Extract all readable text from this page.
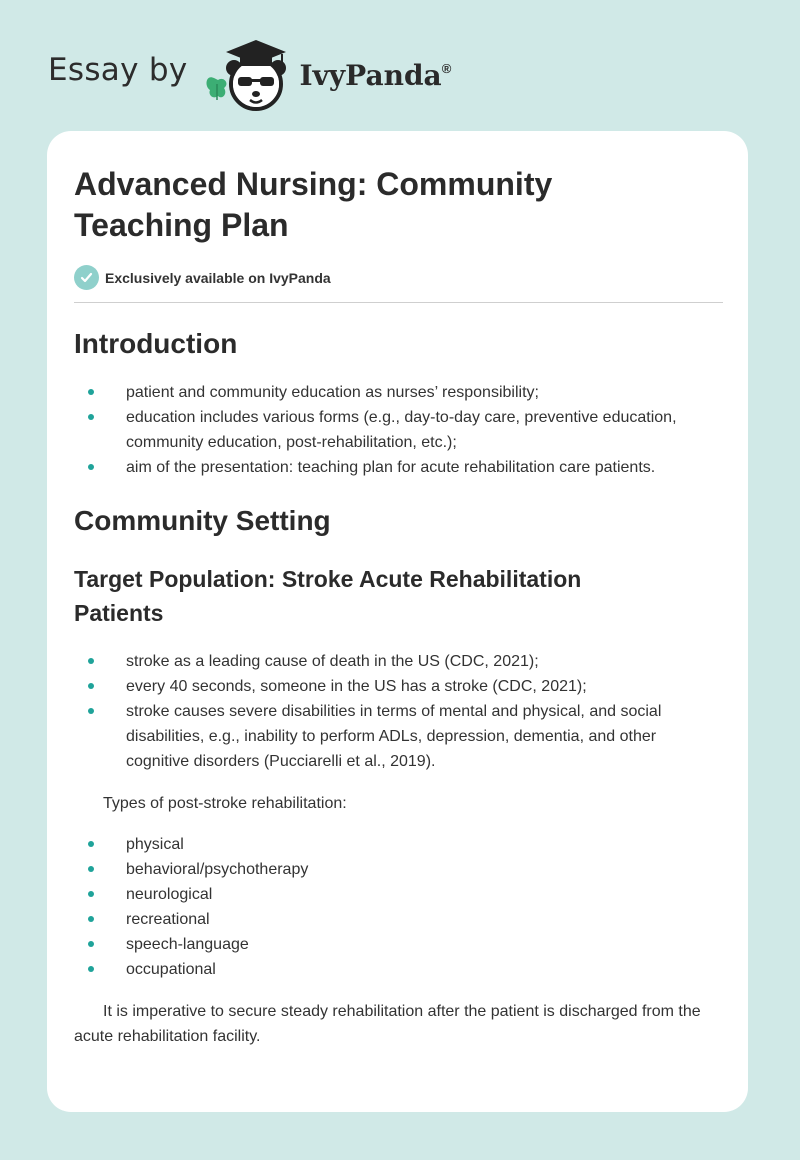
Essay by	IvyPanda®
Advanced Nursing: Community Teaching Plan
Exclusively available on IvyPanda
Introduction
patient and community education as nurses’ responsibility;
education includes various forms (e.g., day-to-day care, preventive education, community education, post-rehabilitation, etc.);
aim of the presentation: teaching plan for acute rehabilitation care patients.
Community Setting
Target Population: Stroke Acute Rehabilitation Patients
stroke as a leading cause of death in the US (CDC, 2021);
every 40 seconds, someone in the US has a stroke (CDC, 2021);
stroke causes severe disabilities in terms of mental and physical, and social disabilities, e.g., inability to perform ADLs, depression, dementia, and other cognitive disorders (Pucciarelli et al., 2019).

Types of post-stroke rehabilitation:

physical
behavioral/psychotherapy
neurological
recreational
speech-language
occupational

It is imperative to secure steady rehabilitation after the patient is discharged from the acute rehabilitation facility.
